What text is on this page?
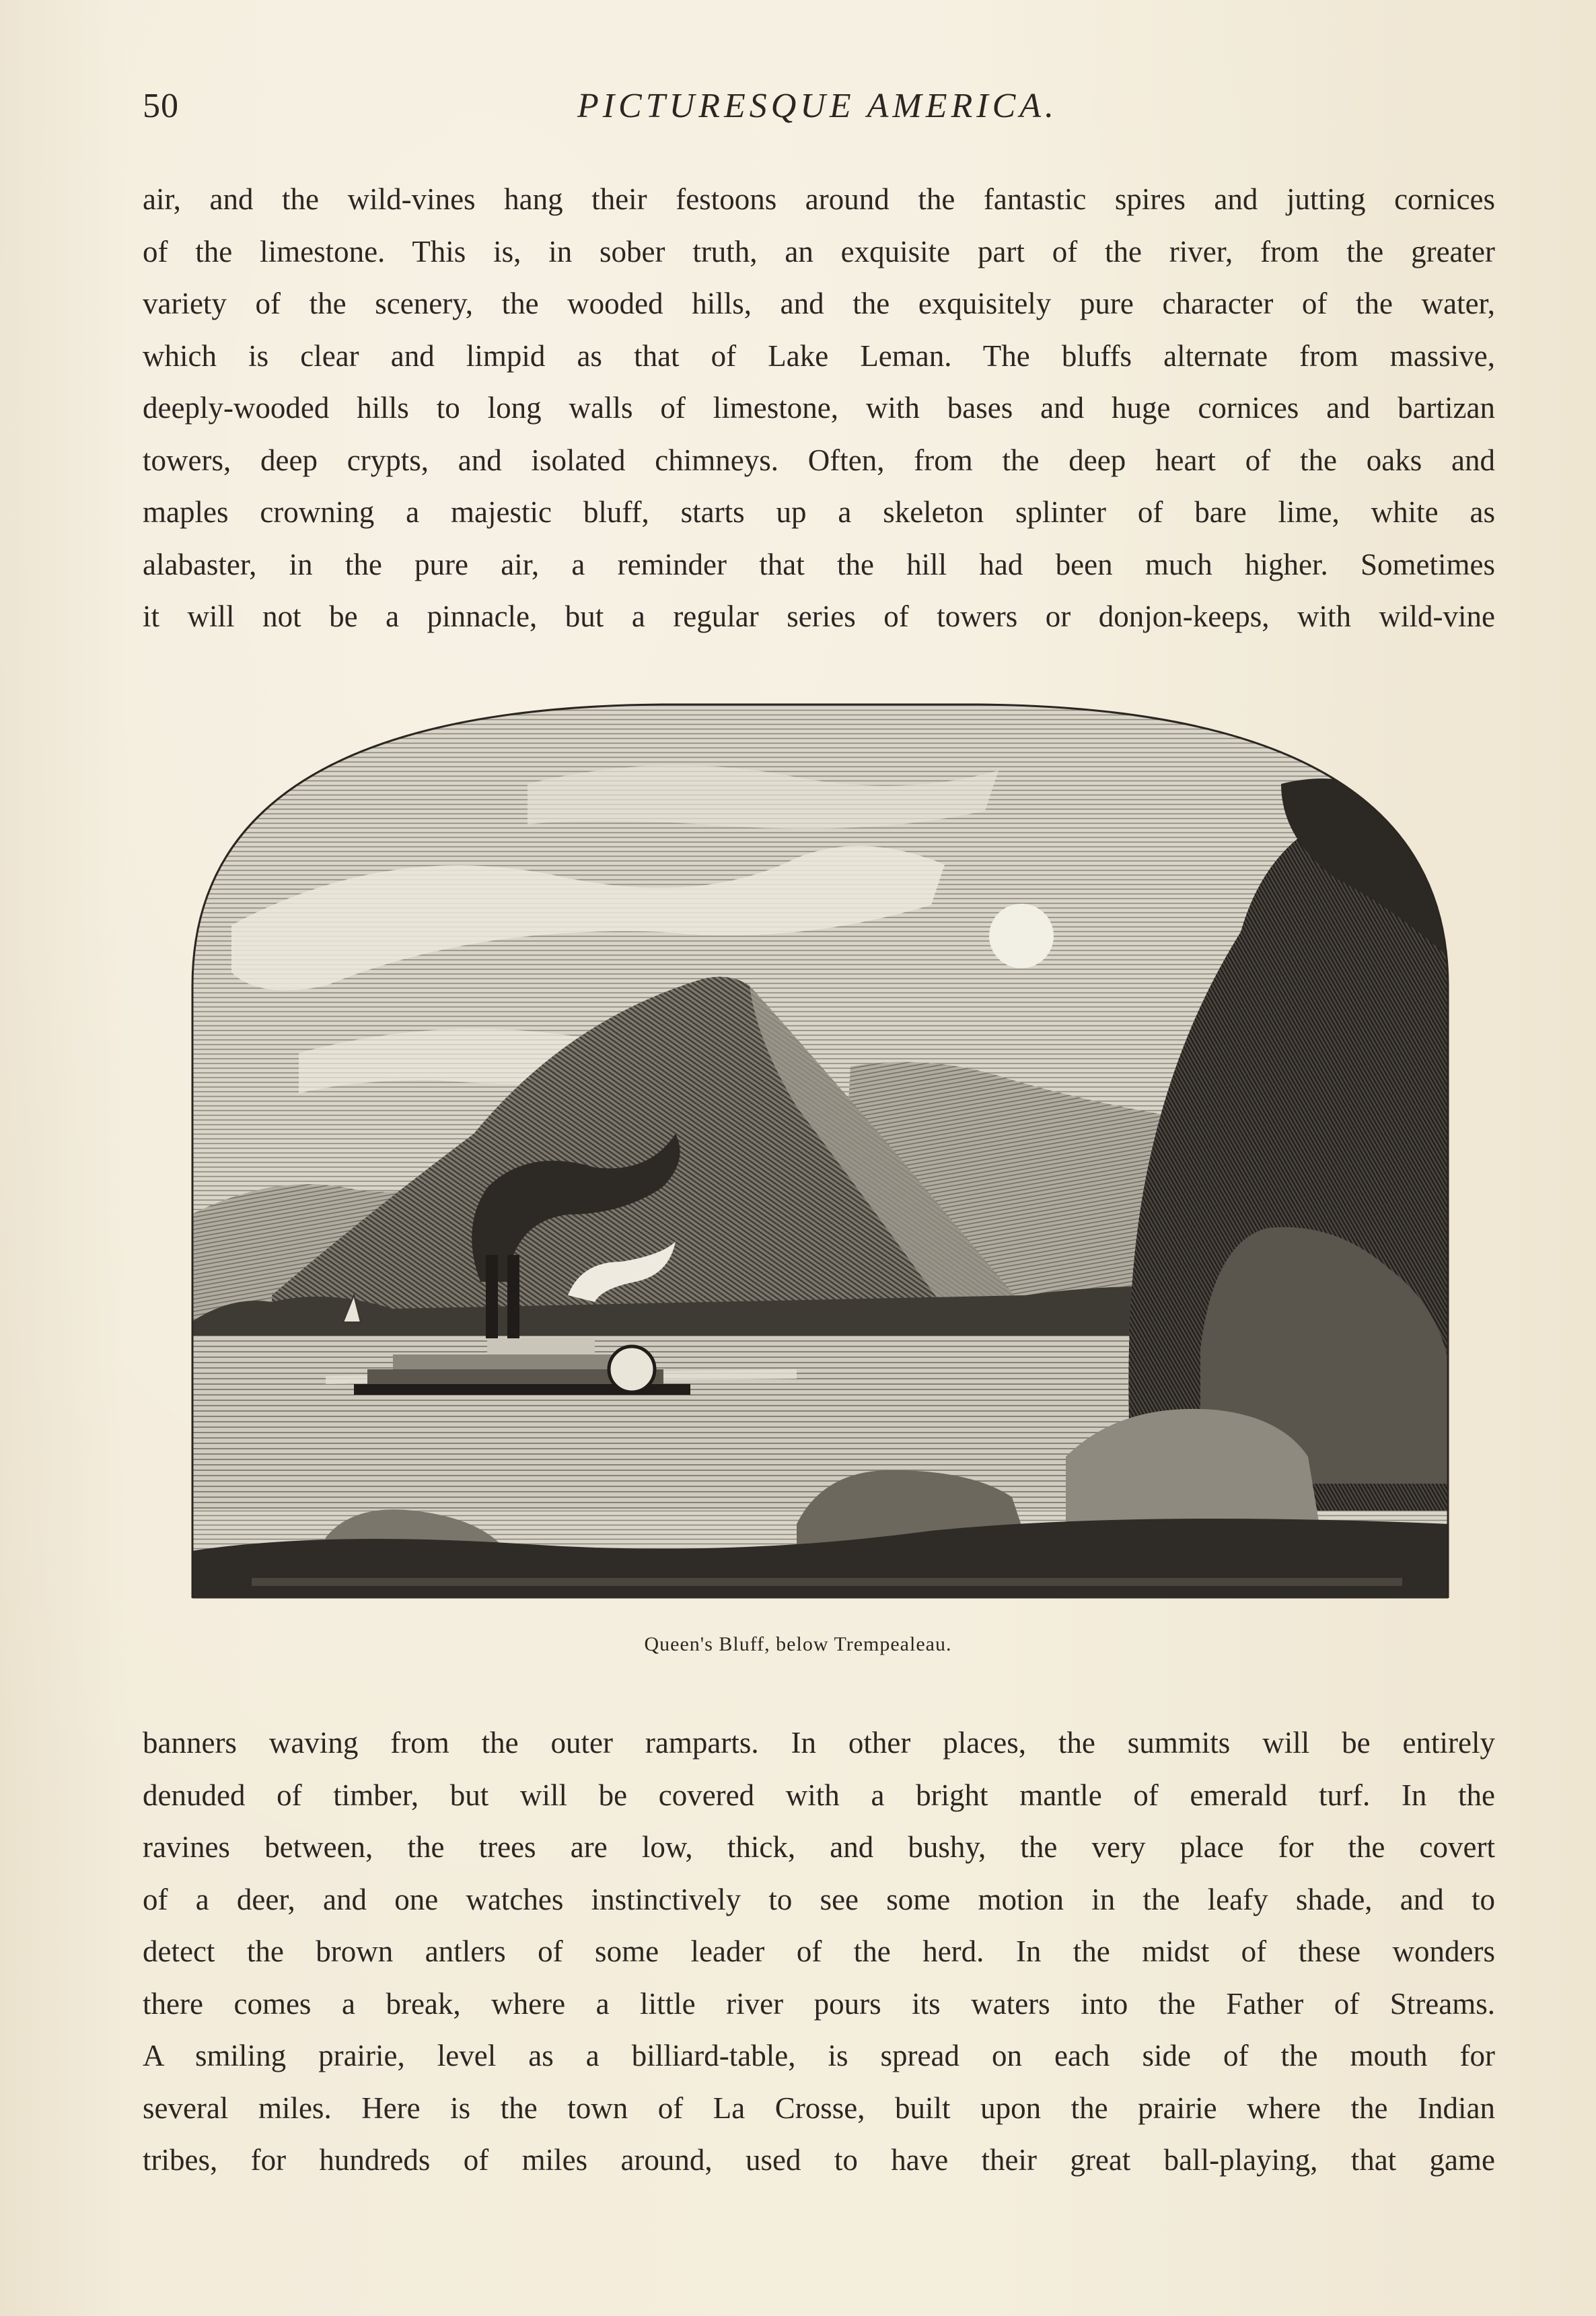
50	PICTURESQUE AMERICA.
air, and the wild-vines hang their festoons around the fantastic spires and jutting cornices
of the limestone. This is, in sober truth, an exquisite part of the river, from the greater
variety of the scenery, the wooded hills, and the exquisitely pure character of the water,
which is clear and limpid as that of Lake Leman. The bluffs alternate from massive,
deeply-wooded hills to long walls of limestone, with bases and huge cornices and bartizan
towers, deep crypts, and isolated chimneys. Often, from the deep heart of the oaks and
maples crowning a majestic bluff, starts up a skeleton splinter of bare lime, white as
alabaster, in the pure air, a reminder that the hill had been much higher. Sometimes
it will not be a pinnacle, but a regular series of towers or donjon-keeps, with wild-vine
Queen's Bluff, below Trempealeau.
banners waving from the outer ramparts. In other places, the summits will be entirely
denuded of timber, but will be covered with a bright mantle of emerald turf. In the
ravines between, the trees are low, thick, and bushy, the very place for the covert
of a deer, and one watches instinctively to see some motion in the leafy shade, and to
detect the brown antlers of some leader of the herd. In the midst of these wonders
there comes a break, where a little river pours its waters into the Father of Streams.
A smiling prairie, level as a billiard-table, is spread on each side of the mouth for
several miles. Here is the town of La Crosse, built upon the prairie where the Indian
tribes, for hundreds of miles around, used to have their great ball-playing, that game
